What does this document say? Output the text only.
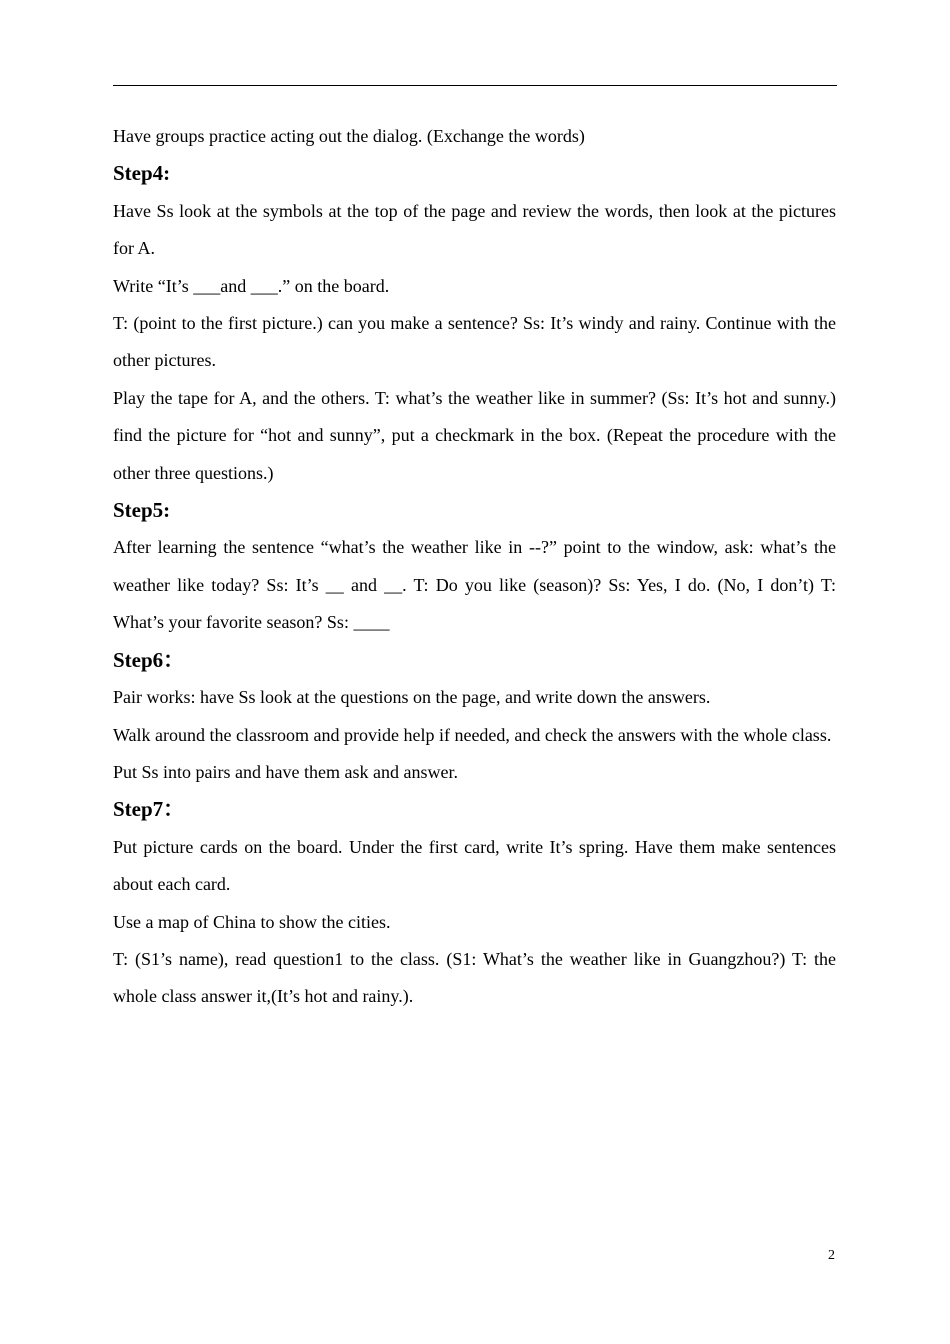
Have groups practice acting out the dialog. (Exchange the words)

Step4:

Have Ss look at the symbols at the top of the page and review the words, then look at the pictures for A.

Write “It’s ___and ___.” on the board.

T: (point to the first picture.) can you make a sentence? Ss: It’s windy and rainy. Continue with the other pictures.

Play the tape for A, and the others. T: what’s the weather like in summer? (Ss: It’s hot and sunny.) find the picture for “hot and sunny”, put a checkmark in the box. (Repeat the procedure with the other three questions.)

Step5:

After learning the sentence “what’s the weather like in --?” point to the window, ask: what’s the weather like today? Ss: It’s __ and __. T: Do you like (season)? Ss: Yes, I do. (No, I don’t) T: What’s your favorite season? Ss: ____

Step6：

Pair works: have Ss look at the questions on the page, and write down the answers.

Walk around the classroom and provide help if needed, and check the answers with the whole class.

Put Ss into pairs and have them ask and answer.

Step7：

Put picture cards on the board. Under the first card, write It’s spring. Have them make sentences about each card.

Use a map of China to show the cities.

T: (S1’s name), read question1 to the class. (S1: What’s the weather like in Guangzhou?) T: the whole class answer it,(It’s hot and rainy.).

2
